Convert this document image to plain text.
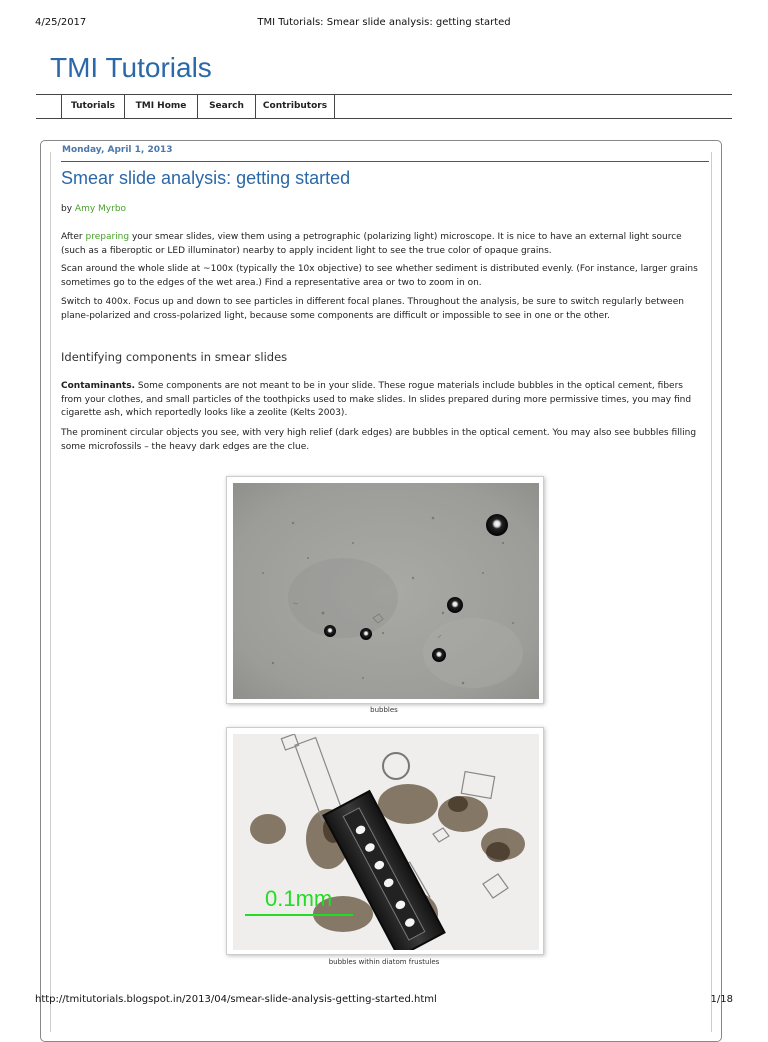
4/25/2017	TMI Tutorials: Smear slide analysis: getting started
TMI Tutorials
Tutorials	TMI Home	Search	Contributors
Monday, April 1, 2013
Smear slide analysis: getting started
by Amy Myrbo

After preparing your smear slides, view them using a petrographic (polarizing light) microscope. It is nice to have an external light source (such as a fiberoptic or LED illuminator) nearby to apply incident light to see the true color of opaque grains.

Scan around the whole slide at ~100x (typically the 10x objective) to see whether sediment is distributed evenly. (For instance, larger grains sometimes go to the edges of the wet area.) Find a representative area or two to zoom in on.

Switch to 400x. Focus up and down to see particles in different focal planes. Throughout the analysis, be sure to switch regularly between plane-polarized and cross-polarized light, because some components are difficult or impossible to see in one or the other.

Identifying components in smear slides

Contaminants. Some components are not meant to be in your slide. These rogue materials include bubbles in the optical cement, fibers from your clothes, and small particles of the toothpicks used to make slides. In slides prepared during more permissive times, you may find cigarette ash, which reportedly looks like a zeolite (Kelts 2003).

The prominent circular objects you see, with very high relief (dark edges) are bubbles in the optical cement. You may also see bubbles filling some microfossils – the heavy dark edges are the clue.

bubbles
0.1mm
bubbles within diatom frustules
http://tmitutorials.blogspot.in/2013/04/smear-slide-analysis-getting-started.html	1/18
